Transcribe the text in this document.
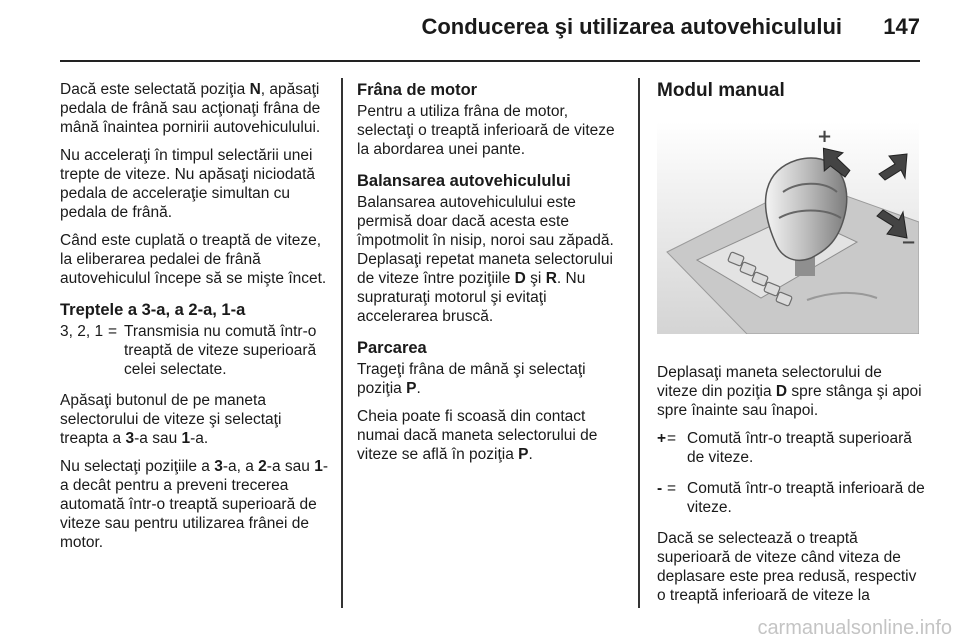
Conducerea şi utilizarea autovehiculului 147

Dacă este selectată poziţia N, apăsaţi pedala de frână sau acţionaţi frâna de mână înaintea pornirii autovehiculului.

Nu acceleraţi în timpul selectării unei trepte de viteze. Nu apăsaţi niciodată pedala de acceleraţie simultan cu pedala de frână.

Când este cuplată o treaptă de viteze, la eliberarea pedalei de frână autovehiculul începe să se mişte încet.

Treptele a 3-a, a 2-a, 1-a
3, 2, 1 = Transmisia nu comută într-o treaptă de viteze superioară celei selectate.

Apăsaţi butonul de pe maneta selectorului de viteze şi selectaţi treapta a 3-a sau 1-a.

Nu selectaţi poziţiile a 3-a, a 2-a sau 1-a decât pentru a preveni trecerea automată într-o treaptă superioară de viteze sau pentru utilizarea frânei de motor.

Frâna de motor

Pentru a utiliza frâna de motor, selectaţi o treaptă inferioară de viteze la abordarea unei pante.

Balansarea autovehiculului

Balansarea autovehiculului este permisă doar dacă acesta este împotmolit în nisip, noroi sau zăpadă. Deplasaţi repetat maneta selectorului de viteze între poziţiile D şi R. Nu supraturaţi motorul şi evitaţi accelerarea bruscă.

Parcarea

Trageţi frâna de mână şi selectaţi poziţia P.

Cheia poate fi scoasă din contact numai dacă maneta selectorului de viteze se află în poziţia P.

Modul manual
+
−

Deplasaţi maneta selectorului de viteze din poziţia D spre stânga şi apoi spre înainte sau înapoi.

+ = Comută într-o treaptă superioară de viteze.
- = Comută într-o treaptă inferioară de viteze.

Dacă se selectează o treaptă superioară de viteze când viteza de deplasare este prea redusă, respectiv o treaptă inferioară de viteze la

carmanualsonline.info
